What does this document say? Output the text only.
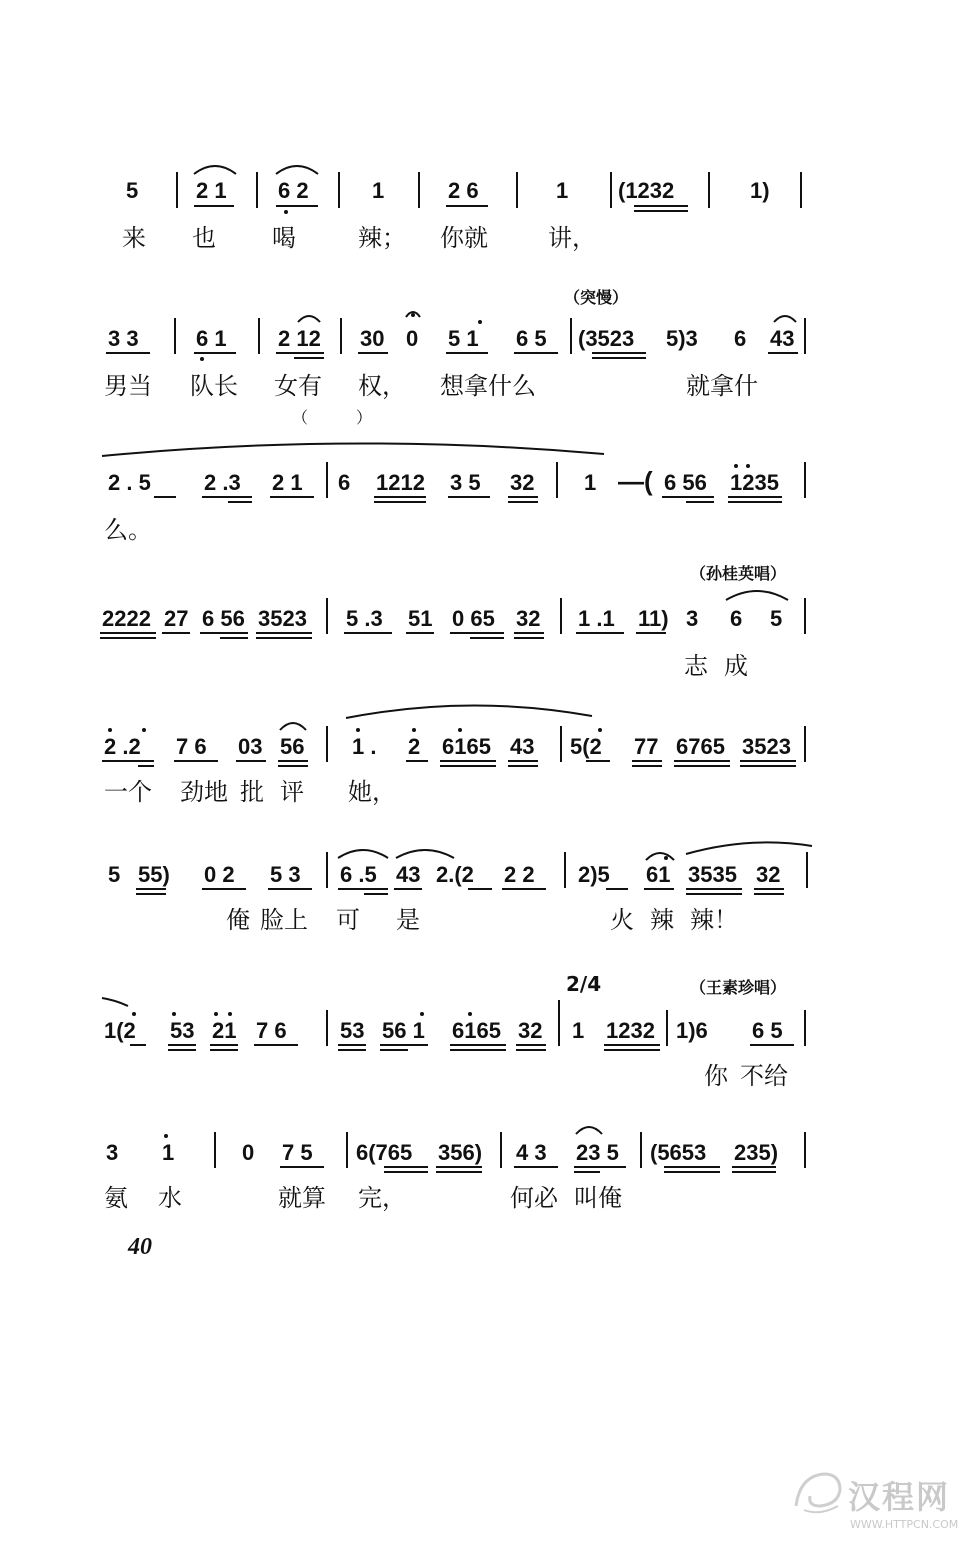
5	2 1 6 2	1	2 6	1 (1232	1)
来 也 喝	辣； 你就	讲，
（突慢）
3 3	6 1 2 12 30 0 5 1 6 5 (3523 5)3 6 43
男当 队长 女有 权， 想拿什么	就拿什
（　　　）
2 . 5 2 .3 2 1 6 1212 3 5 32 1 —( 6 56 1235
么。
（孙桂英唱）
2222 27 6 56 3523 5 .3 51 0 65 32 1 .1 11) 3 6 5
志 成
2 .2 7 6 03 56 1 . 2 6165 43 5(2 77 6765 3523
一个 劲地 批 评 她，
5 55) 0 2 5 3 6 .5 43 2.(2 2 2 2)5 61 3535 32
俺 脸上 可 是	火 辣 辣！
2/4	（王素珍唱）
1(2 53 21 7 6 53 56 1 6165 32 1 1232 1)6 6 5
你 不给
3 1	0 7 5 6(765 356) 4 3 23 5 (5653 235)
氨 水	就算 完，	何必 叫俺
40
汉程网
WWW.HTTPCN.COM
